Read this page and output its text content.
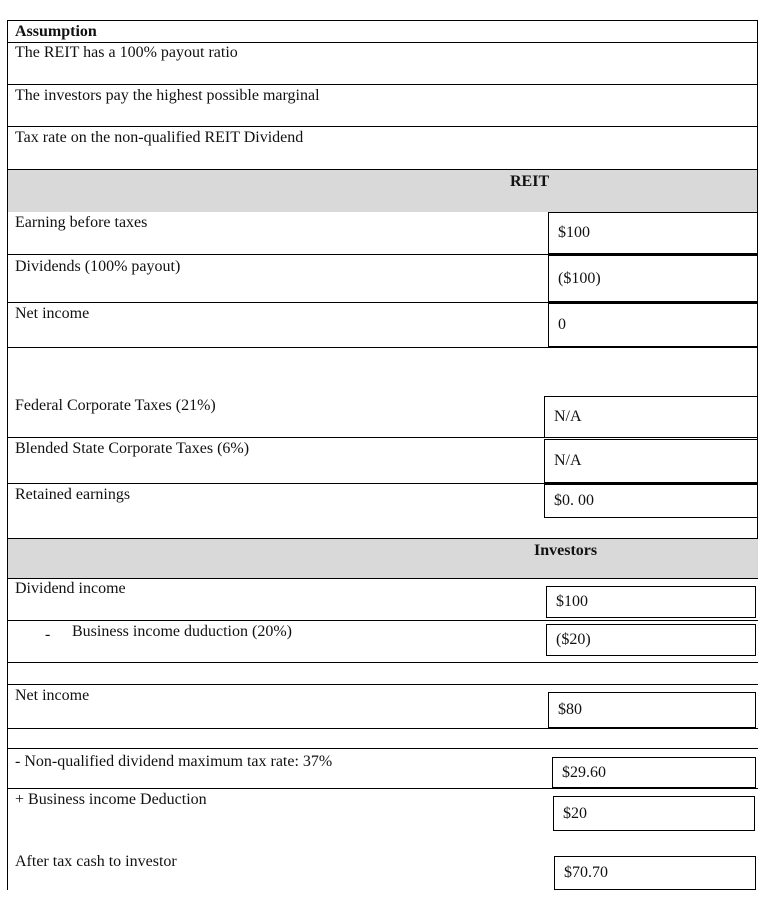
Assumption
The REIT has a 100% payout ratio
The investors pay the highest possible marginal
Tax rate on the non-qualified REIT Dividend
REIT
Earning before taxes
$100
Dividends (100% payout)
($100)
Net income
0
Federal Corporate Taxes (21%)
N/A
Blended State Corporate Taxes (6%)
N/A
Retained earnings	$0. 00
Investors
Dividend income
$100
- Business income duduction (20%)	($20)
Net income
$80
- Non-qualified dividend maximum tax rate: 37%
$29.60
+ Business income Deduction
$20
After tax cash to investor
$70.70
